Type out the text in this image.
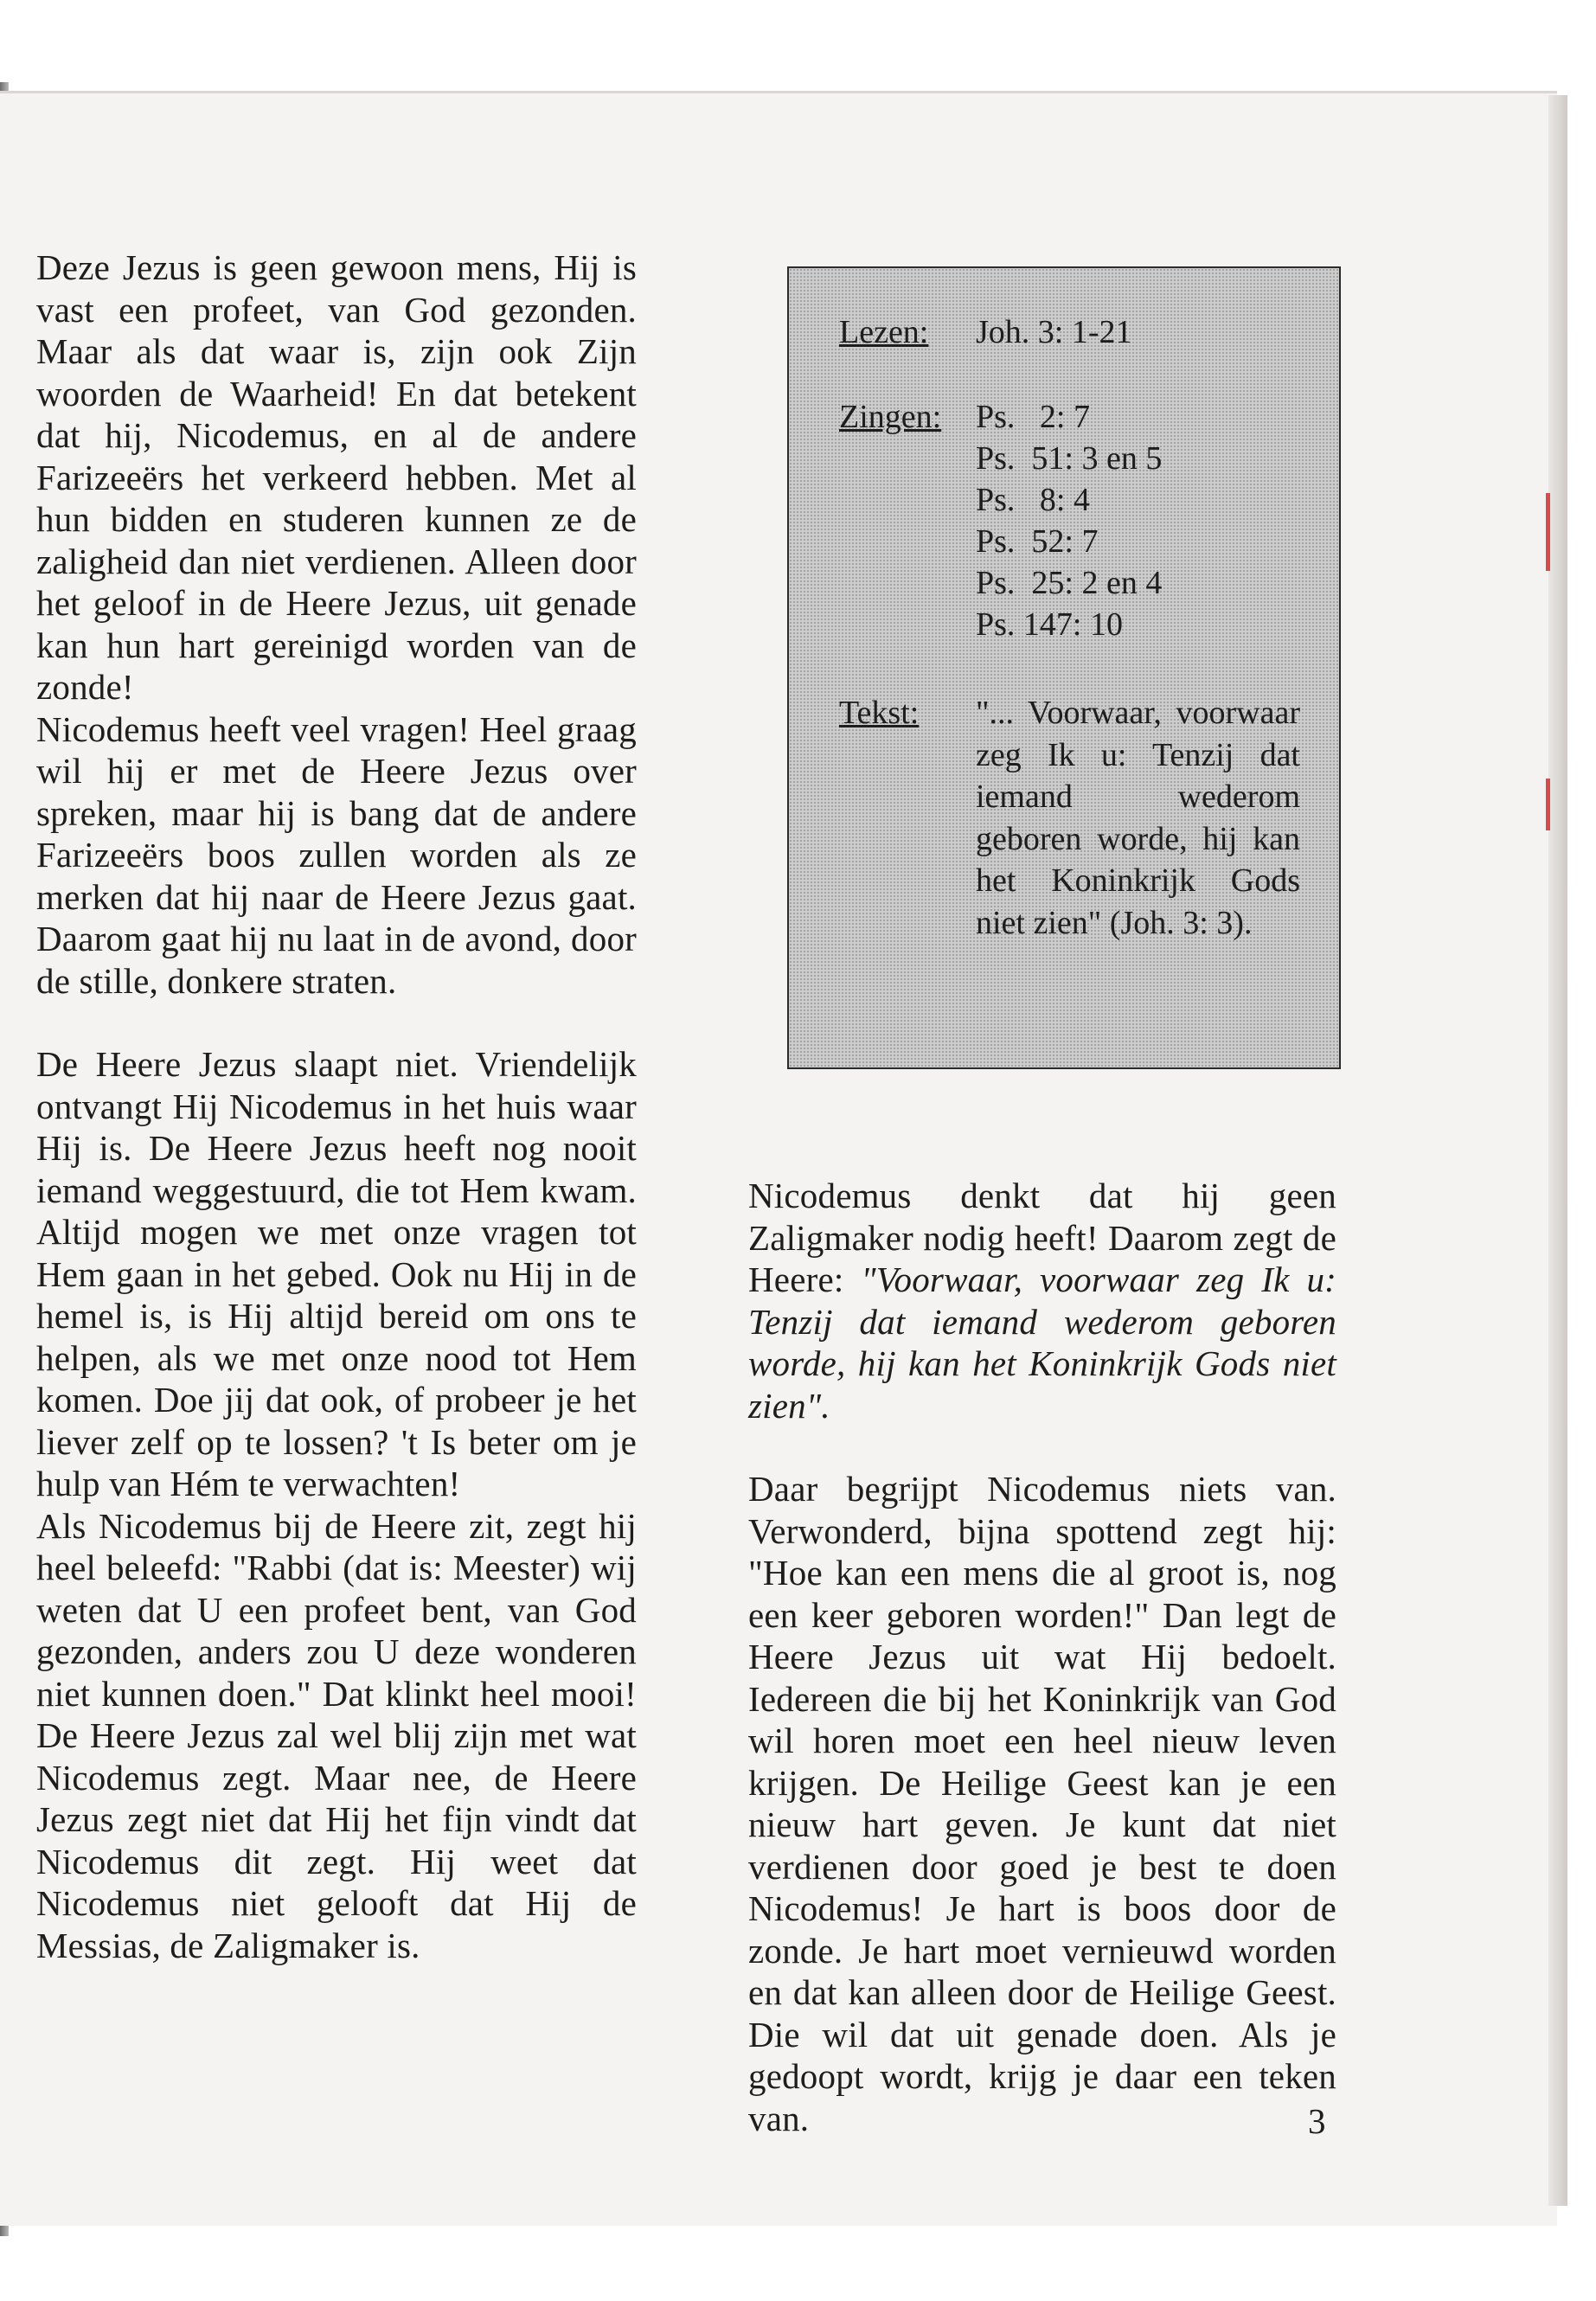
Deze Jezus is geen gewoon mens, Hij is vast een profeet, van God gezonden. Maar als dat waar is, zijn ook Zijn woorden de Waarheid! En dat betekent dat hij, Nicodemus, en al de andere Farizeeërs het verkeerd hebben. Met al hun bidden en studeren kunnen ze de zaligheid dan niet verdienen. Alleen door het geloof in de Heere Jezus, uit genade kan hun hart gereinigd worden van de zonde!

Nicodemus heeft veel vragen! Heel graag wil hij er met de Heere Jezus over spreken, maar hij is bang dat de andere Farizeeërs boos zullen worden als ze merken dat hij naar de Heere Jezus gaat. Daarom gaat hij nu laat in de avond, door de stille, donkere straten.

De Heere Jezus slaapt niet. Vriendelijk ontvangt Hij Nicodemus in het huis waar Hij is. De Heere Jezus heeft nog nooit iemand weggestuurd, die tot Hem kwam. Altijd mogen we met onze vragen tot Hem gaan in het gebed. Ook nu Hij in de hemel is, is Hij altijd bereid om ons te helpen, als we met onze nood tot Hem komen. Doe jij dat ook, of probeer je het liever zelf op te lossen? 't Is beter om je hulp van Hém te verwachten!

Als Nicodemus bij de Heere zit, zegt hij heel beleefd: "Rabbi (dat is: Meester) wij weten dat U een profeet bent, van God gezonden, anders zou U deze wonderen niet kunnen doen." Dat klinkt heel mooi! De Heere Jezus zal wel blij zijn met wat Nicodemus zegt. Maar nee, de Heere Jezus zegt niet dat Hij het fijn vindt dat Nicodemus dit zegt. Hij weet dat Nicodemus niet gelooft dat Hij de Messias, de Zaligmaker is.

Lezen: Joh. 3: 1-21
Zingen: Ps.   2: 7
Ps.  51: 3 en 5
Ps.   8: 4
Ps.  52: 7
Ps.  25: 2 en 4
Ps. 147: 10
Tekst: "... Voorwaar, voorwaar zeg Ik u: Tenzij dat iemand wederom geboren worde, hij kan het Koninkrijk Gods niet zien" (Joh. 3: 3).

Nicodemus denkt dat hij geen Zaligmaker nodig heeft! Daarom zegt de Heere: "Voorwaar, voorwaar zeg Ik u: Tenzij dat iemand wederom geboren worde, hij kan het Koninkrijk Gods niet zien".

Daar begrijpt Nicodemus niets van. Verwonderd, bijna spottend zegt hij: "Hoe kan een mens die al groot is, nog een keer geboren worden!" Dan legt de Heere Jezus uit wat Hij bedoelt. Iedereen die bij het Koninkrijk van God wil horen moet een heel nieuw leven krijgen. De Heilige Geest kan je een nieuw hart geven. Je kunt dat niet verdienen door goed je best te doen Nicodemus! Je hart is boos door de zonde. Je hart moet vernieuwd worden en dat kan alleen door de Heilige Geest. Die wil dat uit genade doen. Als je gedoopt wordt, krijg je daar een teken van.	3
